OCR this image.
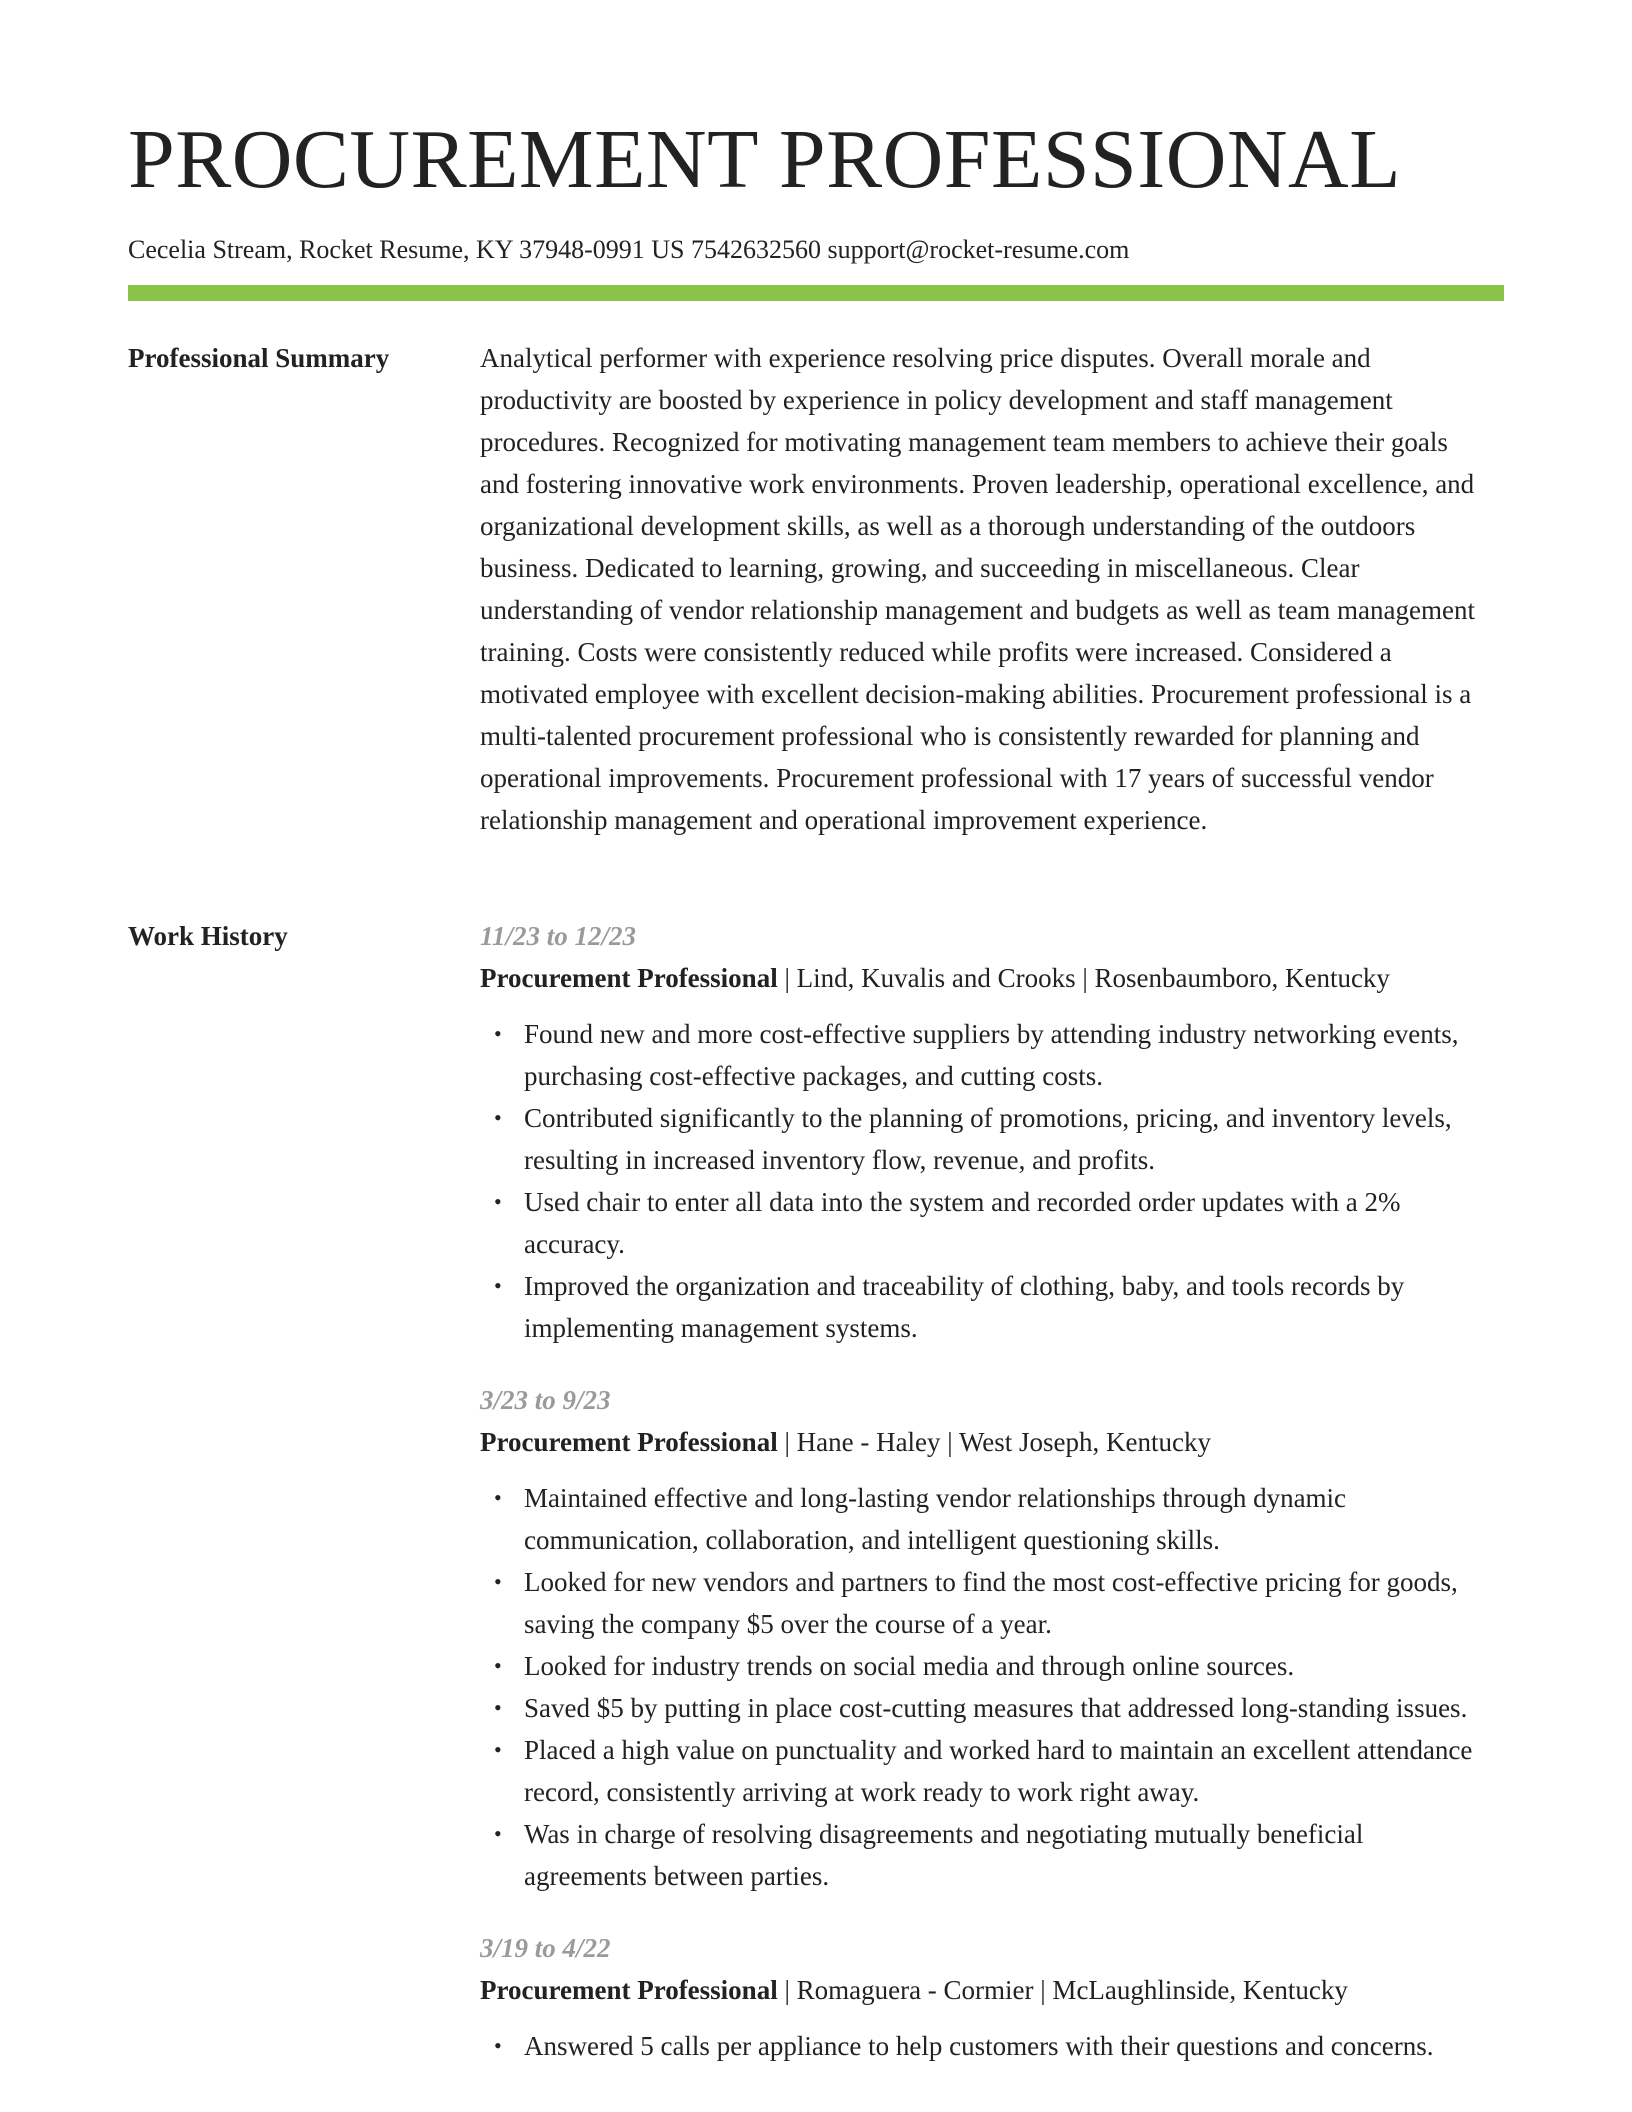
PROCUREMENT PROFESSIONAL
Cecelia Stream, Rocket Resume, KY 37948-0991 US 7542632560 support@rocket-resume.com
Professional Summary	Analytical performer with experience resolving price disputes. Overall morale and productivity are boosted by experience in policy development and staff management procedures. Recognized for motivating management team members to achieve their goals and fostering innovative work environments. Proven leadership, operational excellence, and organizational development skills, as well as a thorough understanding of the outdoors business. Dedicated to learning, growing, and succeeding in miscellaneous. Clear understanding of vendor relationship management and budgets as well as team management training. Costs were consistently reduced while profits were increased. Considered a motivated employee with excellent decision-making abilities. Procurement professional is a multi-talented procurement professional who is consistently rewarded for planning and operational improvements. Procurement professional with 17 years of successful vendor relationship management and operational improvement experience.

Work History	11/23 to 12/23
Procurement Professional | Lind, Kuvalis and Crooks | Rosenbaumboro, Kentucky
• Found new and more cost-effective suppliers by attending industry networking events, purchasing cost-effective packages, and cutting costs.
• Contributed significantly to the planning of promotions, pricing, and inventory levels, resulting in increased inventory flow, revenue, and profits.
• Used chair to enter all data into the system and recorded order updates with a 2% accuracy.
• Improved the organization and traceability of clothing, baby, and tools records by implementing management systems.
3/23 to 9/23
Procurement Professional | Hane - Haley | West Joseph, Kentucky
• Maintained effective and long-lasting vendor relationships through dynamic communication, collaboration, and intelligent questioning skills.
• Looked for new vendors and partners to find the most cost-effective pricing for goods, saving the company $5 over the course of a year.
• Looked for industry trends on social media and through online sources.
• Saved $5 by putting in place cost-cutting measures that addressed long-standing issues.
• Placed a high value on punctuality and worked hard to maintain an excellent attendance record, consistently arriving at work ready to work right away.
• Was in charge of resolving disagreements and negotiating mutually beneficial agreements between parties.
3/19 to 4/22
Procurement Professional | Romaguera - Cormier | McLaughlinside, Kentucky
• Answered 5 calls per appliance to help customers with their questions and concerns.
